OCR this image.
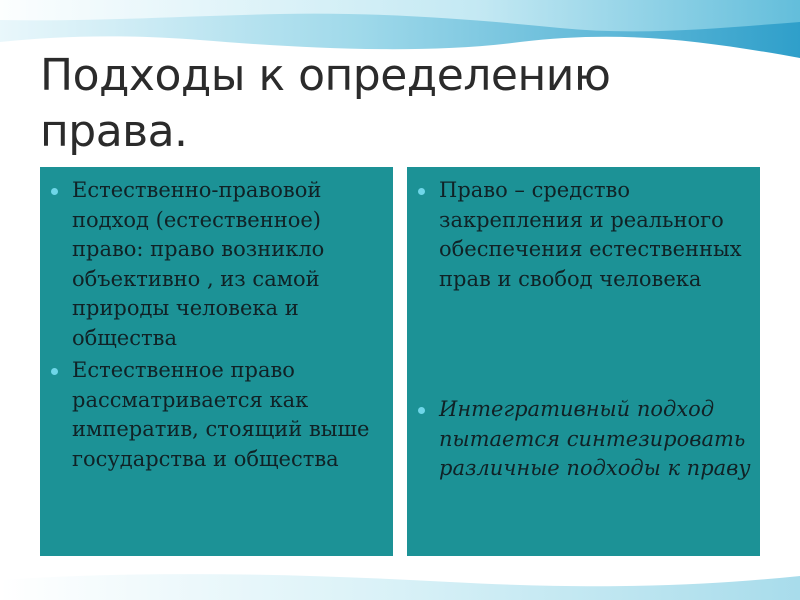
Подходы к определению права.
Естественно-правовой подход (естественное) право: право возникло объективно , из самой природы человека и общества
Естественное право рассматривается как императив, стоящий выше государства и общества
Право – средство закрепления и реального обеспечения естественных прав и свобод человека
Интегративный подход пытается синтезировать различные подходы к праву
